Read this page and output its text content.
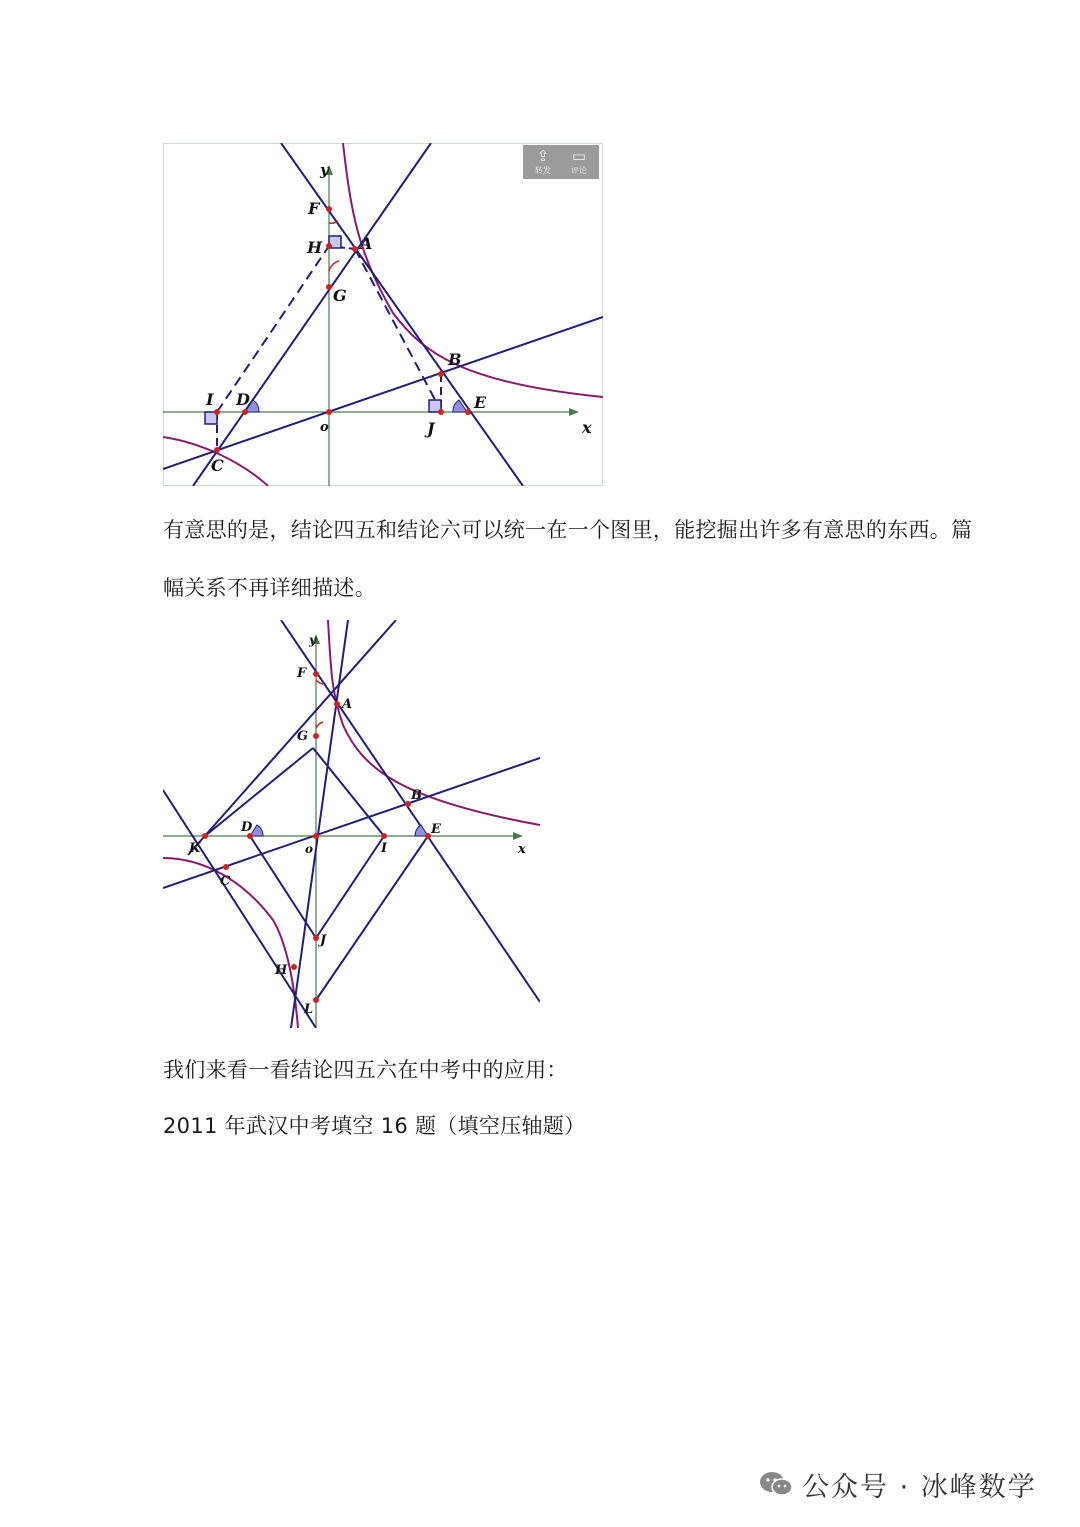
y
x
o
F
H A
G
B
I D
J
E
C
⇪
转发
▭
评论
有意思的是，结论四五和结论六可以统一在一个图里，能挖掘出许多有意思的东西。篇
幅关系不再详细描述。
y
x
o
F
A
G
B
D	E
K	I
C
J
H
L
我们来看一看结论四五六在中考中的应用：
2011 年武汉中考填空 16 题（填空压轴题）
公众号 · 冰峰数学
